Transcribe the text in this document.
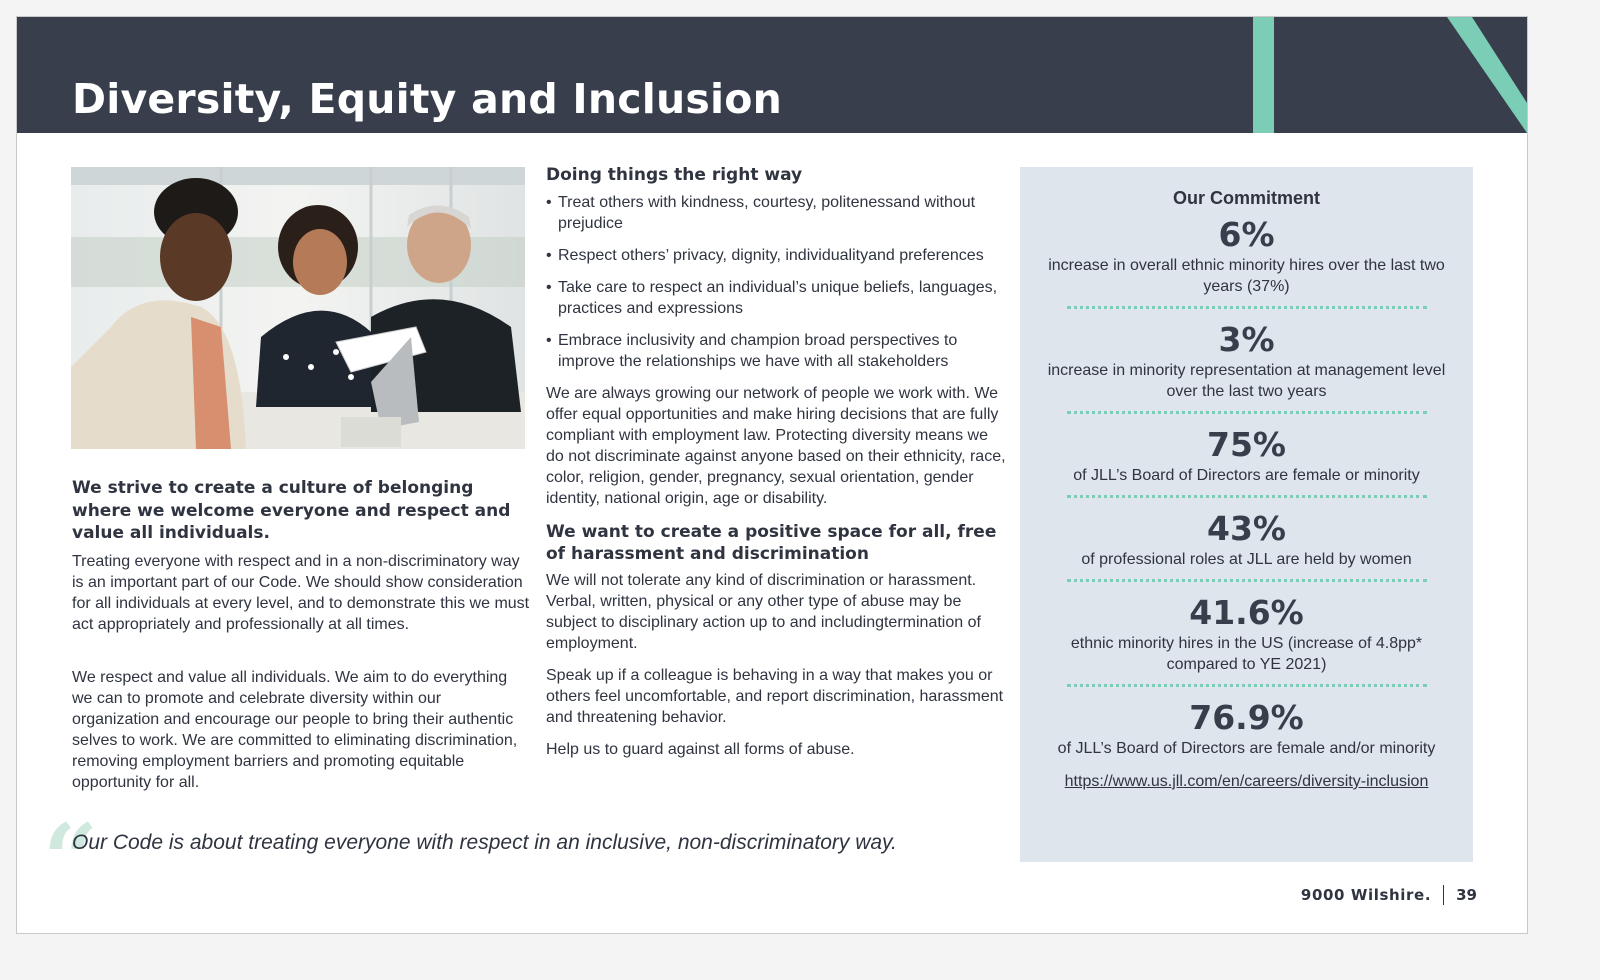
Diversity, Equity and Inclusion
We strive to create a culture of belonging where we welcome everyone and respect and value all individuals.

Treating everyone with respect and in a non-discriminatory way is an important part of our Code. We should show consideration for all individuals at every level, and to demonstrate this we must act appropriately and professionally at all times.

We respect and value all individuals. We aim to do everything we can to promote and celebrate diversity within our organization and encourage our people to bring their authentic selves to work. We are committed to eliminating discrimination, removing employment barriers and promoting equitable opportunity for all.

Doing things the right way
• Treat others with kindness, courtesy, politenessand without prejudice
• Respect others’ privacy, dignity, individualityand preferences
• Take care to respect an individual’s unique beliefs, languages, practices and expressions
• Embrace inclusivity and champion broad perspectives to improve the relationships we have with all stakeholders

We are always growing our network of people we work with. We offer equal opportunities and make hiring decisions that are fully compliant with employment law. Protecting diversity means we do not discriminate against anyone based on their ethnicity, race, color, religion, gender, pregnancy, sexual orientation, gender identity, national origin, age or disability.

We want to create a positive space for all, free of harassment and discrimination

We will not tolerate any kind of discrimination or harassment. Verbal, written, physical or any other type of abuse may be subject to disciplinary action up to and includingtermination of employment.

Speak up if a colleague is behaving in a way that makes you or others feel uncomfortable, and report discrimination, harassment and threatening behavior.

Help us to guard against all forms of abuse.

“

Our Code is about treating everyone with respect in an inclusive, non-discriminatory way.

Our Commitment

6%

increase in overall ethnic minority hires over the last two years (37%)

3%

increase in minority representation at management level over the last two years

75%

of JLL’s Board of Directors are female or minority

43%

of professional roles at JLL are held by women

41.6%

ethnic minority hires in the US (increase of 4.8pp* compared to YE 2021)

76.9%

of JLL’s Board of Directors are female and/or minority

https://www.us.jll.com/en/careers/diversity-inclusion
9000 Wilshire. 39
